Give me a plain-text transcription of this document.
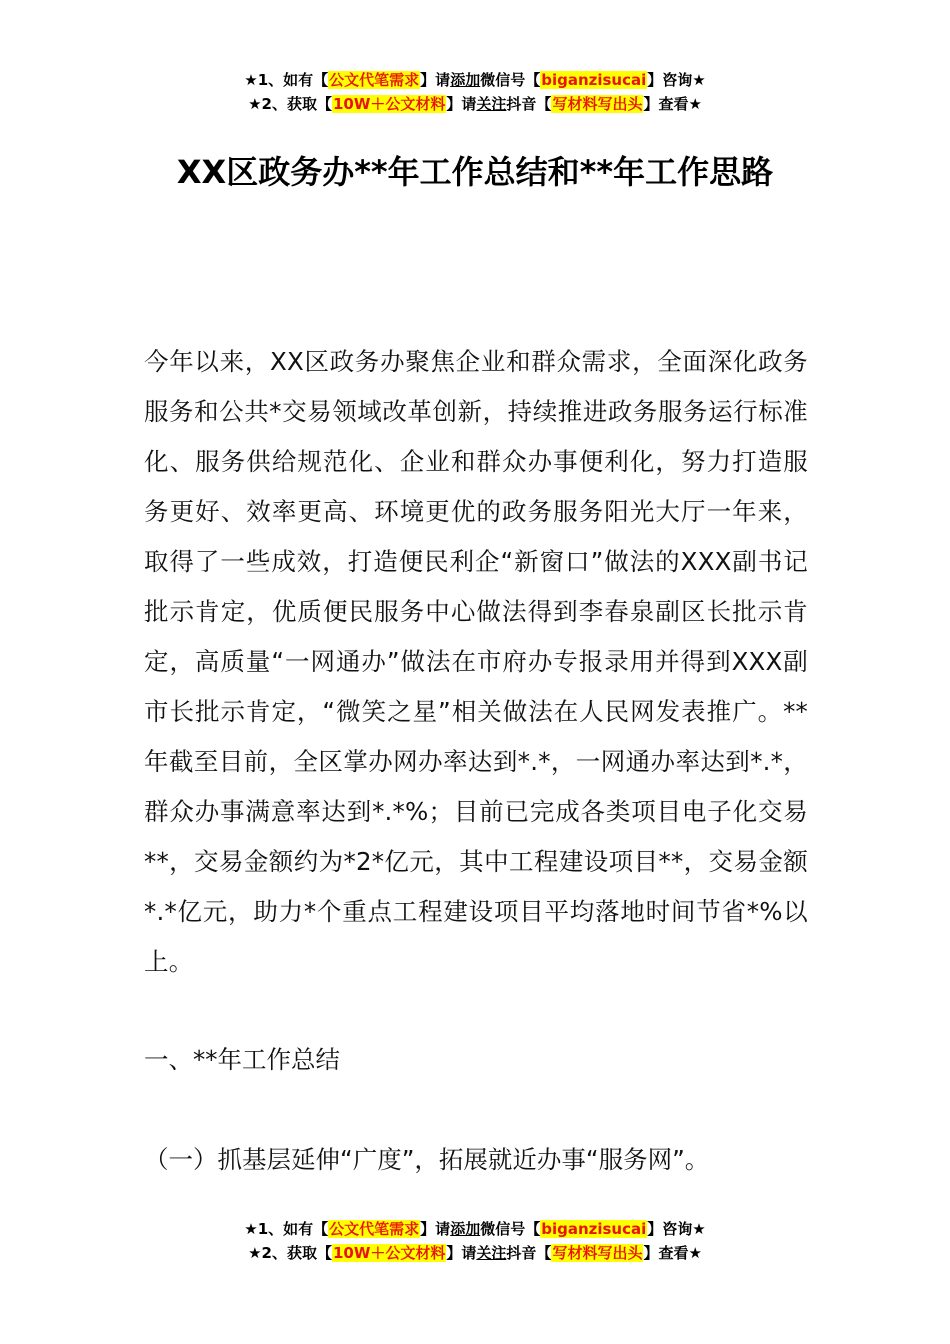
★1、如有【公文代笔需求】请添加微信号【biganzisucai】咨询★
★2、获取【10W＋公文材料】请关注抖音【写材料写出头】查看★
XX区政务办**年工作总结和**年工作思路
今年以来，XX区政务办聚焦企业和群众需求，全面深化政务服务和公共*交易领域改革创新，持续推进政务服务运行标准化、服务供给规范化、企业和群众办事便利化，努力打造服务更好、效率更高、环境更优的政务服务阳光大厅一年来，取得了一些成效，打造便民利企“新窗口”做法的XXX副书记批示肯定，优质便民服务中心做法得到李春泉副区长批示肯定，高质量“一网通办”做法在市府办专报录用并得到XXX副市长批示肯定，“微笑之星”相关做法在人民网发表推广。**年截至目前，全区掌办网办率达到*.*，一网通办率达到*.*，群众办事满意率达到*.*%；目前已完成各类项目电子化交易**，交易金额约为*2*亿元，其中工程建设项目**，交易金额*.*亿元，助力*个重点工程建设项目平均落地时间节省*%以上。
一、**年工作总结
（一）抓基层延伸“广度”，拓展就近办事“服务网”。
★1、如有【公文代笔需求】请添加微信号【biganzisucai】咨询★
★2、获取【10W＋公文材料】请关注抖音【写材料写出头】查看★
